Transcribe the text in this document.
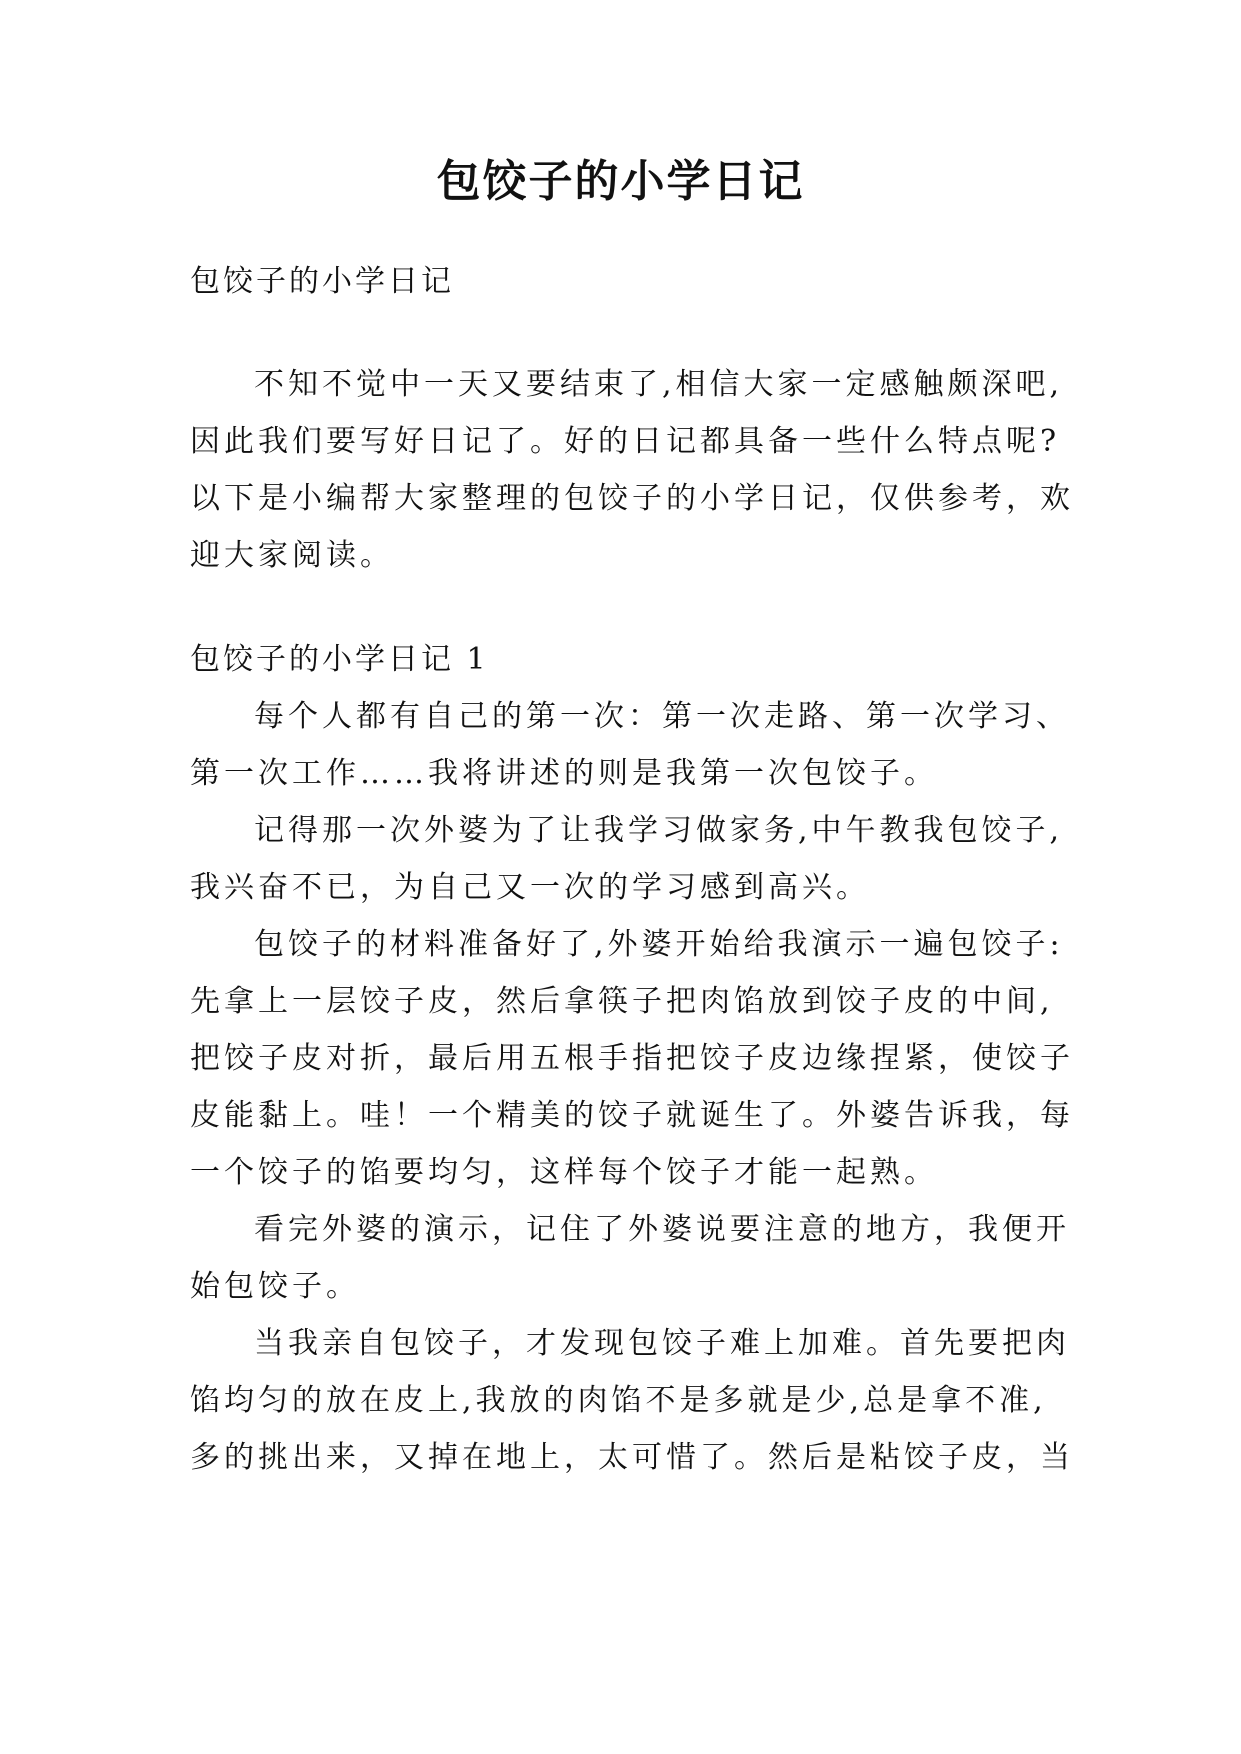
包饺子的小学日记
包饺子的小学日记
不知不觉中一天又要结束了,相信大家一定感触颇深吧,
因此我们要写好日记了。好的日记都具备一些什么特点呢?
以下是小编帮大家整理的包饺子的小学日记，仅供参考，欢
迎大家阅读。
包饺子的小学日记 1
每个人都有自己的第一次：第一次走路、第一次学习、
第一次工作……我将讲述的则是我第一次包饺子。
记得那一次外婆为了让我学习做家务,中午教我包饺子,
我兴奋不已，为自己又一次的学习感到高兴。
包饺子的材料准备好了,外婆开始给我演示一遍包饺子:
先拿上一层饺子皮，然后拿筷子把肉馅放到饺子皮的中间,
把饺子皮对折，最后用五根手指把饺子皮边缘捏紧，使饺子
皮能黏上。哇！一个精美的饺子就诞生了。外婆告诉我，每
一个饺子的馅要均匀，这样每个饺子才能一起熟。
看完外婆的演示，记住了外婆说要注意的地方，我便开
始包饺子。
当我亲自包饺子，才发现包饺子难上加难。首先要把肉
馅均匀的放在皮上,我放的肉馅不是多就是少,总是拿不准,
多的挑出来，又掉在地上，太可惜了。然后是粘饺子皮，当
